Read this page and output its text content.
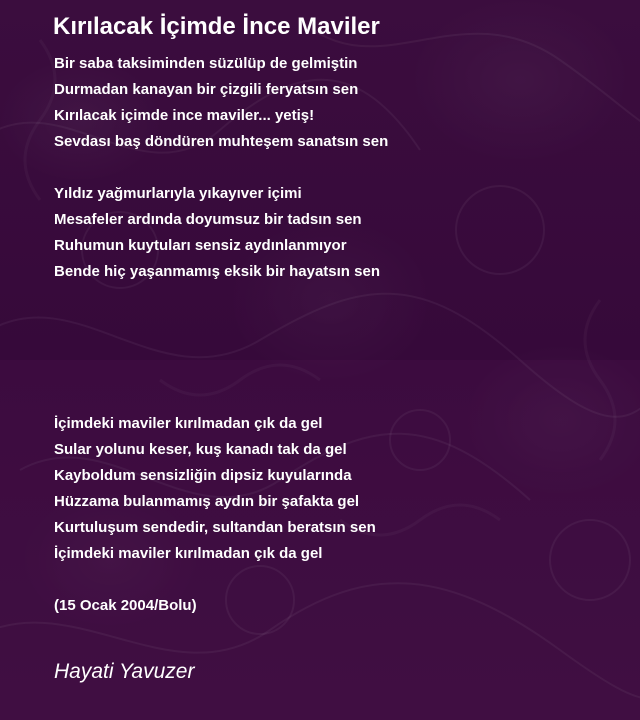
Kırılacak İçimde İnce Maviler
Bir saba taksiminden süzülüp de gelmiştin
Durmadan kanayan bir çizgili feryatsın sen
Kırılacak içimde ince maviler... yetiş!
Sevdası baş döndüren muhteşem sanatsın sen
Yıldız yağmurlarıyla yıkayıver içimi
Mesafeler ardında doyumsuz bir tadsın sen
Ruhumun kuytuları sensiz aydınlanmıyor
Bende hiç yaşanmamış eksik bir hayatsın sen
İçimdeki maviler kırılmadan çık da gel
Sular yolunu keser, kuş kanadı tak da gel
Kayboldum sensizliğin dipsiz kuyularında
Hüzzama bulanmamış aydın bir şafakta gel
Kurtuluşum sendedir, sultandan beratsın sen
İçimdeki maviler kırılmadan çık da gel

(15 Ocak 2004/Bolu)

Hayati Yavuzer
